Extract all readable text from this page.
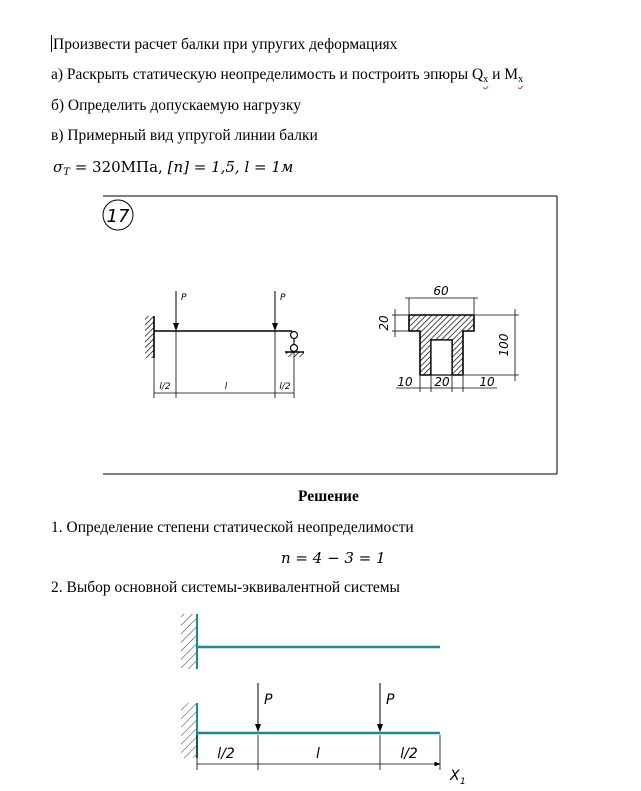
Произвести расчет балки при упругих деформациях
а) Раскрыть статическую неопределимость и построить эпюры $Q_x$ и $M_x$
б) Определить допускаемую нагрузку
в) Примерный вид упругой линии балки
$\sigma_T = 320МПа$, [n] = 1,5, l = 1м
17
P	P
l/2	l	l/2
60
20
100
10 20 10
Решение
1. Определение степени статической неопределимости
n = 4 − 3 = 1
2. Выбор основной системы-эквивалентной системы
P	P
l/2	l	l/2
X 1
